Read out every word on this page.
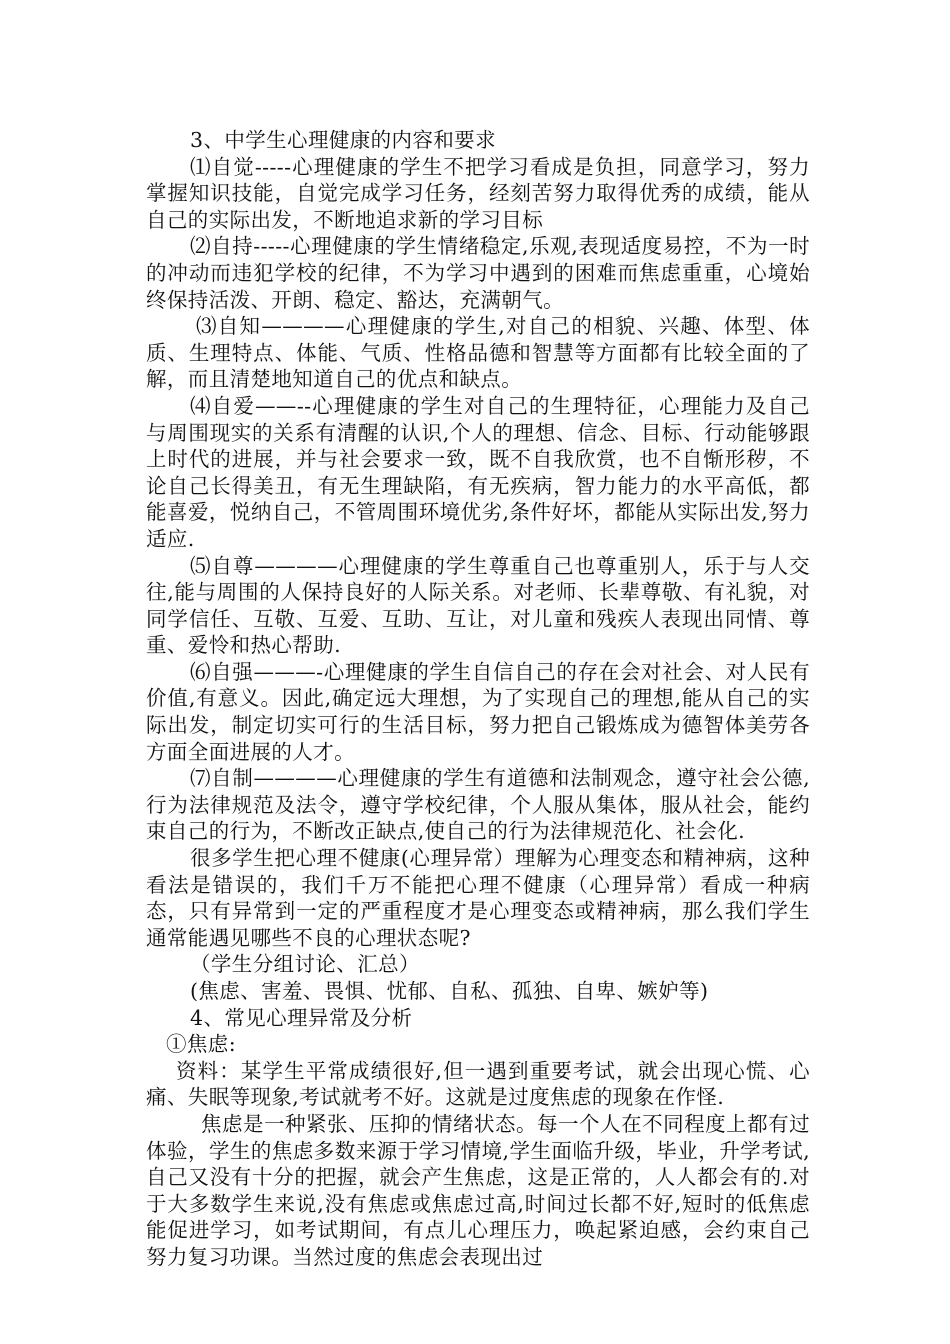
3、中学生心理健康的内容和要求

⑴自觉-----心理健康的学生不把学习看成是负担，同意学习，努力掌握知识技能，自觉完成学习任务，经刻苦努力取得优秀的成绩，能从自己的实际出发，不断地追求新的学习目标

⑵自持-----心理健康的学生情绪稳定,乐观,表现适度易控，不为一时的冲动而违犯学校的纪律，不为学习中遇到的困难而焦虑重重，心境始终保持活泼、开朗、稳定、豁达，充满朝气。

⑶自知————心理健康的学生,对自己的相貌、兴趣、体型、体质、生理特点、体能、气质、性格品德和智慧等方面都有比较全面的了解，而且清楚地知道自己的优点和缺点。

⑷自爱——--心理健康的学生对自己的生理特征，心理能力及自己与周围现实的关系有清醒的认识,个人的理想、信念、目标、行动能够跟上时代的进展，并与社会要求一致，既不自我欣赏，也不自惭形秽，不论自己长得美丑，有无生理缺陷，有无疾病，智力能力的水平高低，都能喜爱，悦纳自己，不管周围环境优劣,条件好坏，都能从实际出发,努力适应.

⑸自尊————心理健康的学生尊重自己也尊重别人，乐于与人交往,能与周围的人保持良好的人际关系。对老师、长辈尊敬、有礼貌，对同学信任、互敬、互爱、互助、互让，对儿童和残疾人表现出同情、尊重、爱怜和热心帮助.

⑹自强———-心理健康的学生自信自己的存在会对社会、对人民有价值,有意义。因此,确定远大理想，为了实现自己的理想,能从自己的实际出发，制定切实可行的生活目标，努力把自己锻炼成为德智体美劳各方面全面进展的人才。

⑺自制————心理健康的学生有道德和法制观念，遵守社会公德,行为法律规范及法令，遵守学校纪律，个人服从集体，服从社会，能约束自己的行为，不断改正缺点,使自己的行为法律规范化、社会化.

很多学生把心理不健康(心理异常）理解为心理变态和精神病，这种看法是错误的，我们千万不能把心理不健康（心理异常）看成一种病态，只有异常到一定的严重程度才是心理变态或精神病，那么我们学生通常能遇见哪些不良的心理状态呢?

（学生分组讨论、汇总）

(焦虑、害羞、畏惧、忧郁、自私、孤独、自卑、嫉妒等)

4、常见心理异常及分析

①焦虑:

资料：某学生平常成绩很好,但一遇到重要考试，就会出现心慌、心痛、失眠等现象,考试就考不好。这就是过度焦虑的现象在作怪.

焦虑是一种紧张、压抑的情绪状态。每一个人在不同程度上都有过体验，学生的焦虑多数来源于学习情境,学生面临升级，毕业，升学考试,自己又没有十分的把握，就会产生焦虑，这是正常的，人人都会有的.对于大多数学生来说,没有焦虑或焦虑过高,时间过长都不好,短时的低焦虑能促进学习，如考试期间，有点儿心理压力，唤起紧迫感，会约束自己努力复习功课。当然过度的焦虑会表现出过
